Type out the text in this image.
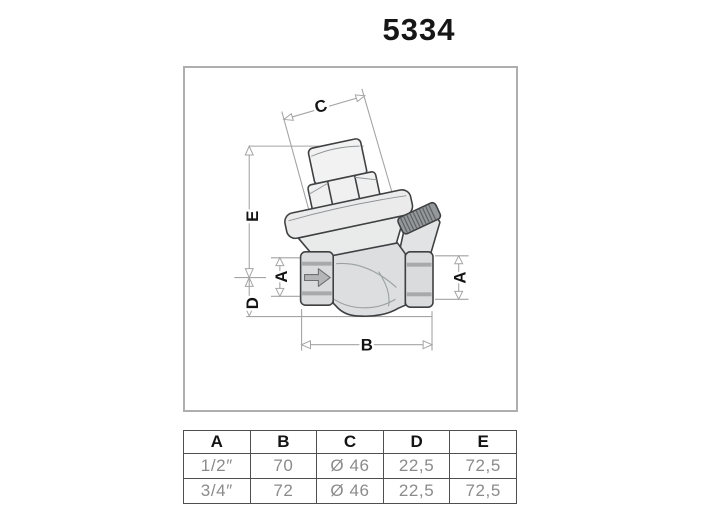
5334
C
E
D
A	A
B
A	B	C	D	E
1/2″	70	Ø 46	22,5	72,5
3/4″	72	Ø 46	22,5	72,5
